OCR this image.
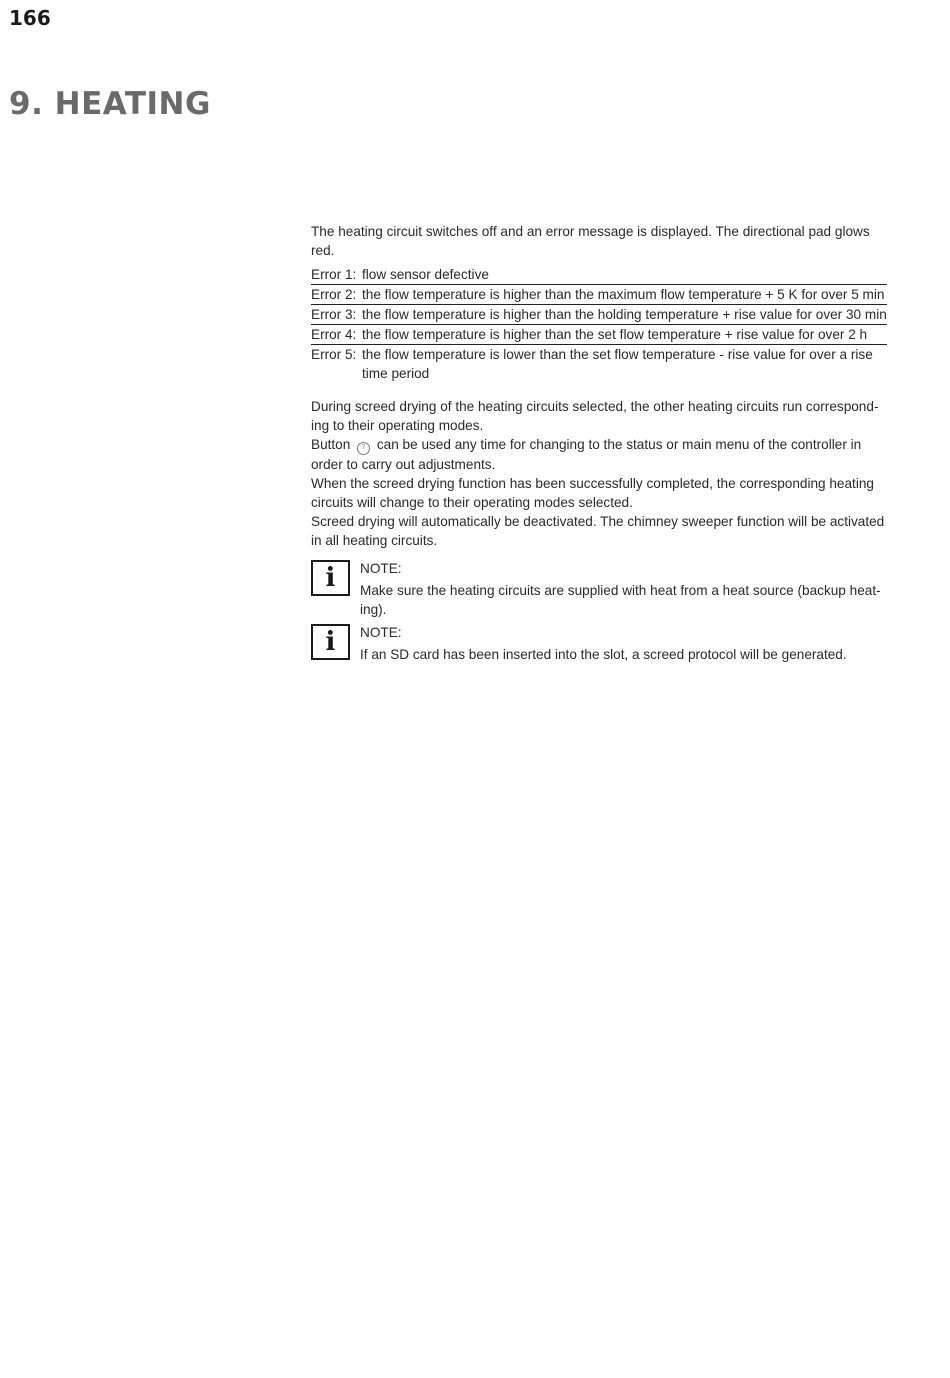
166
9. HEATING

The heating circuit switches off and an error message is displayed. The directional pad glows red.

Error 1:	flow sensor defective
Error 2:	the flow temperature is higher than the maximum flow temperature + 5 K for over 5 min
Error 3:	the flow temperature is higher than the holding temperature + rise value for over 30 min
Error 4:	the flow temperature is higher than the set flow temperature + rise value for over 2 h
Error 5:	the flow temperature is lower than the set flow temperature - rise value for over a rise time period

During screed drying of the heating circuits selected, the other heating circuits run corresponding to their operating modes.

Button 7 can be used any time for changing to the status or main menu of the controller in order to carry out adjustments.

When the screed drying function has been successfully completed, the corresponding heating circuits will change to their operating modes selected.

Screed drying will automatically be deactivated. The chimney sweeper function will be activated in all heating circuits.

i	NOTE:

Make sure the heating circuits are supplied with heat from a heat source (backup heating).

i	NOTE:

If an SD card has been inserted into the slot, a screed protocol will be generated.
